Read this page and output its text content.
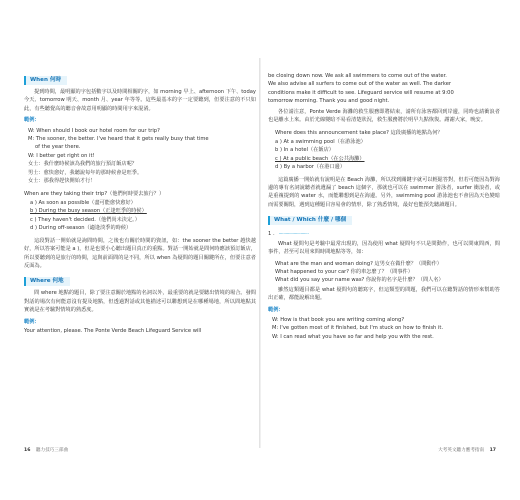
When 何時

提到時間，最明顯的字包括數字以及時間相關的字，如 morning 早上、afternoon 下午、today 今天、tomorrow 明天、month 月、year 年等等。這些最基本的字一定要聽到，但要注意的不只如此，有些聽覺高的聽音會故意用明顯的時間用字來混淆。

範例：
W: When should I book our hotel room for our trip?
M: The sooner, the better. I've heard that it gets really busy that time
of the year there.
W: I better get right on it!
女士：我什麼時候該為我們的旅行預訂飯店呢？
男士：愈快愈好，我聽說每年的那時候會是旺季。
女士：那我得趕快開始才行！
When are they taking their trip?（他們何時要去旅行？）
a ) As soon as possible（盡可能愈快愈好）
b ) During the busy season（正逢旺季的時候）
c ) They haven't decided.（他們尚未決定。）
d ) During off-season（適逢淡季的時候）

這段對話一開始就是詢問時間，之後也有關於時間的資訊，如：the sooner the better 越快越好，所以答案可能是 a )，但是也要小心聽出題目真正的重點。對話一開始就是問何時應該預訂飯店，所以要聽到的是旅行的時間，這與前面問的是不同，所以 when 為疑問的題目關鍵所在，但要注意者反面為。

Where 何地

問 where 地點的題目，除了要注意關於地點的名詞以外，最重要的就是要聽出情境的場合。發問對話的場次有何能意沒有提及地點，但透過對話或其他描述可以聯想到是在哪種場地，所以問地點其實就是在考驗對情境的熟悉度。

範例：
Your attention, please. The Ponte Verde Beach Lifeguard Service will
be closing down now. We ask all swimmers to come out of the water.
We also advise all surfers to come out of the water as well. The darker
conditions make it difficult to see. Lifeguard service will resume at 9:00
tomorrow morning. Thank you and good night.

各位請注意，Ponte Verde 海灘的救生服務即將結束，請所有泳客都回到岸邊，同時也請衝浪者也是離水上來。由於光線變暗不易看清楚狀況，救生服務將於明早九點恢復。謝謝大家，晚安。

Where does this announcement take place? 這段廣播的地點為何？
a ) At a swimming pool（在游泳池）
b ) In a hotel（在飯店）
c ) At a public beach（在公共海灘）
d ) By a harbor（在港口邊）

這篇廣播一開始就有說明是在 Beach 海灘，所以找到關鍵字就可以輕鬆答對，但若可能因為對海邊的專有名詞說聽者就遺漏了 beach 這個字，那就也可以在 swimmer 游泳者，surfer 衝浪者，或是重複提到的 water 水，而能聯想到是在海邊。另外，swimming pool 游泳池也不會因為天色變暗而需要關閉，遇到這種題目容易會的情形，除了熟悉情境，最好也能預先聽讀題目。

What / Which 什麼 / 哪個
1 . ··························

What 疑問句是考驗中最常出現的，因為使用 what 疑問句不只是問動作，也可以問東問西，問事件，甚至可以用來問時間地點等等，如：

What are the man and woman doing? 這男女在做什麼？（問動作）
What happened to your car? 你的車怎麼了？（問事件）
What did you say your name was? 你說你的名字是什麼？（問人名）

雖然這類題目都是 what 疑問句的聽寫字，但這類型的問題，我們可以在聽對話的情形來幫助答出正確，都能說解出題。

範例：
W: How is that book you are writing coming along?
M: I've gotten most of it finished, but I'm stuck on how to finish it.
W: I can read what you have so far and help you with the rest.
16 聽力技巧三部曲	大考英文聽力應考指南 17
